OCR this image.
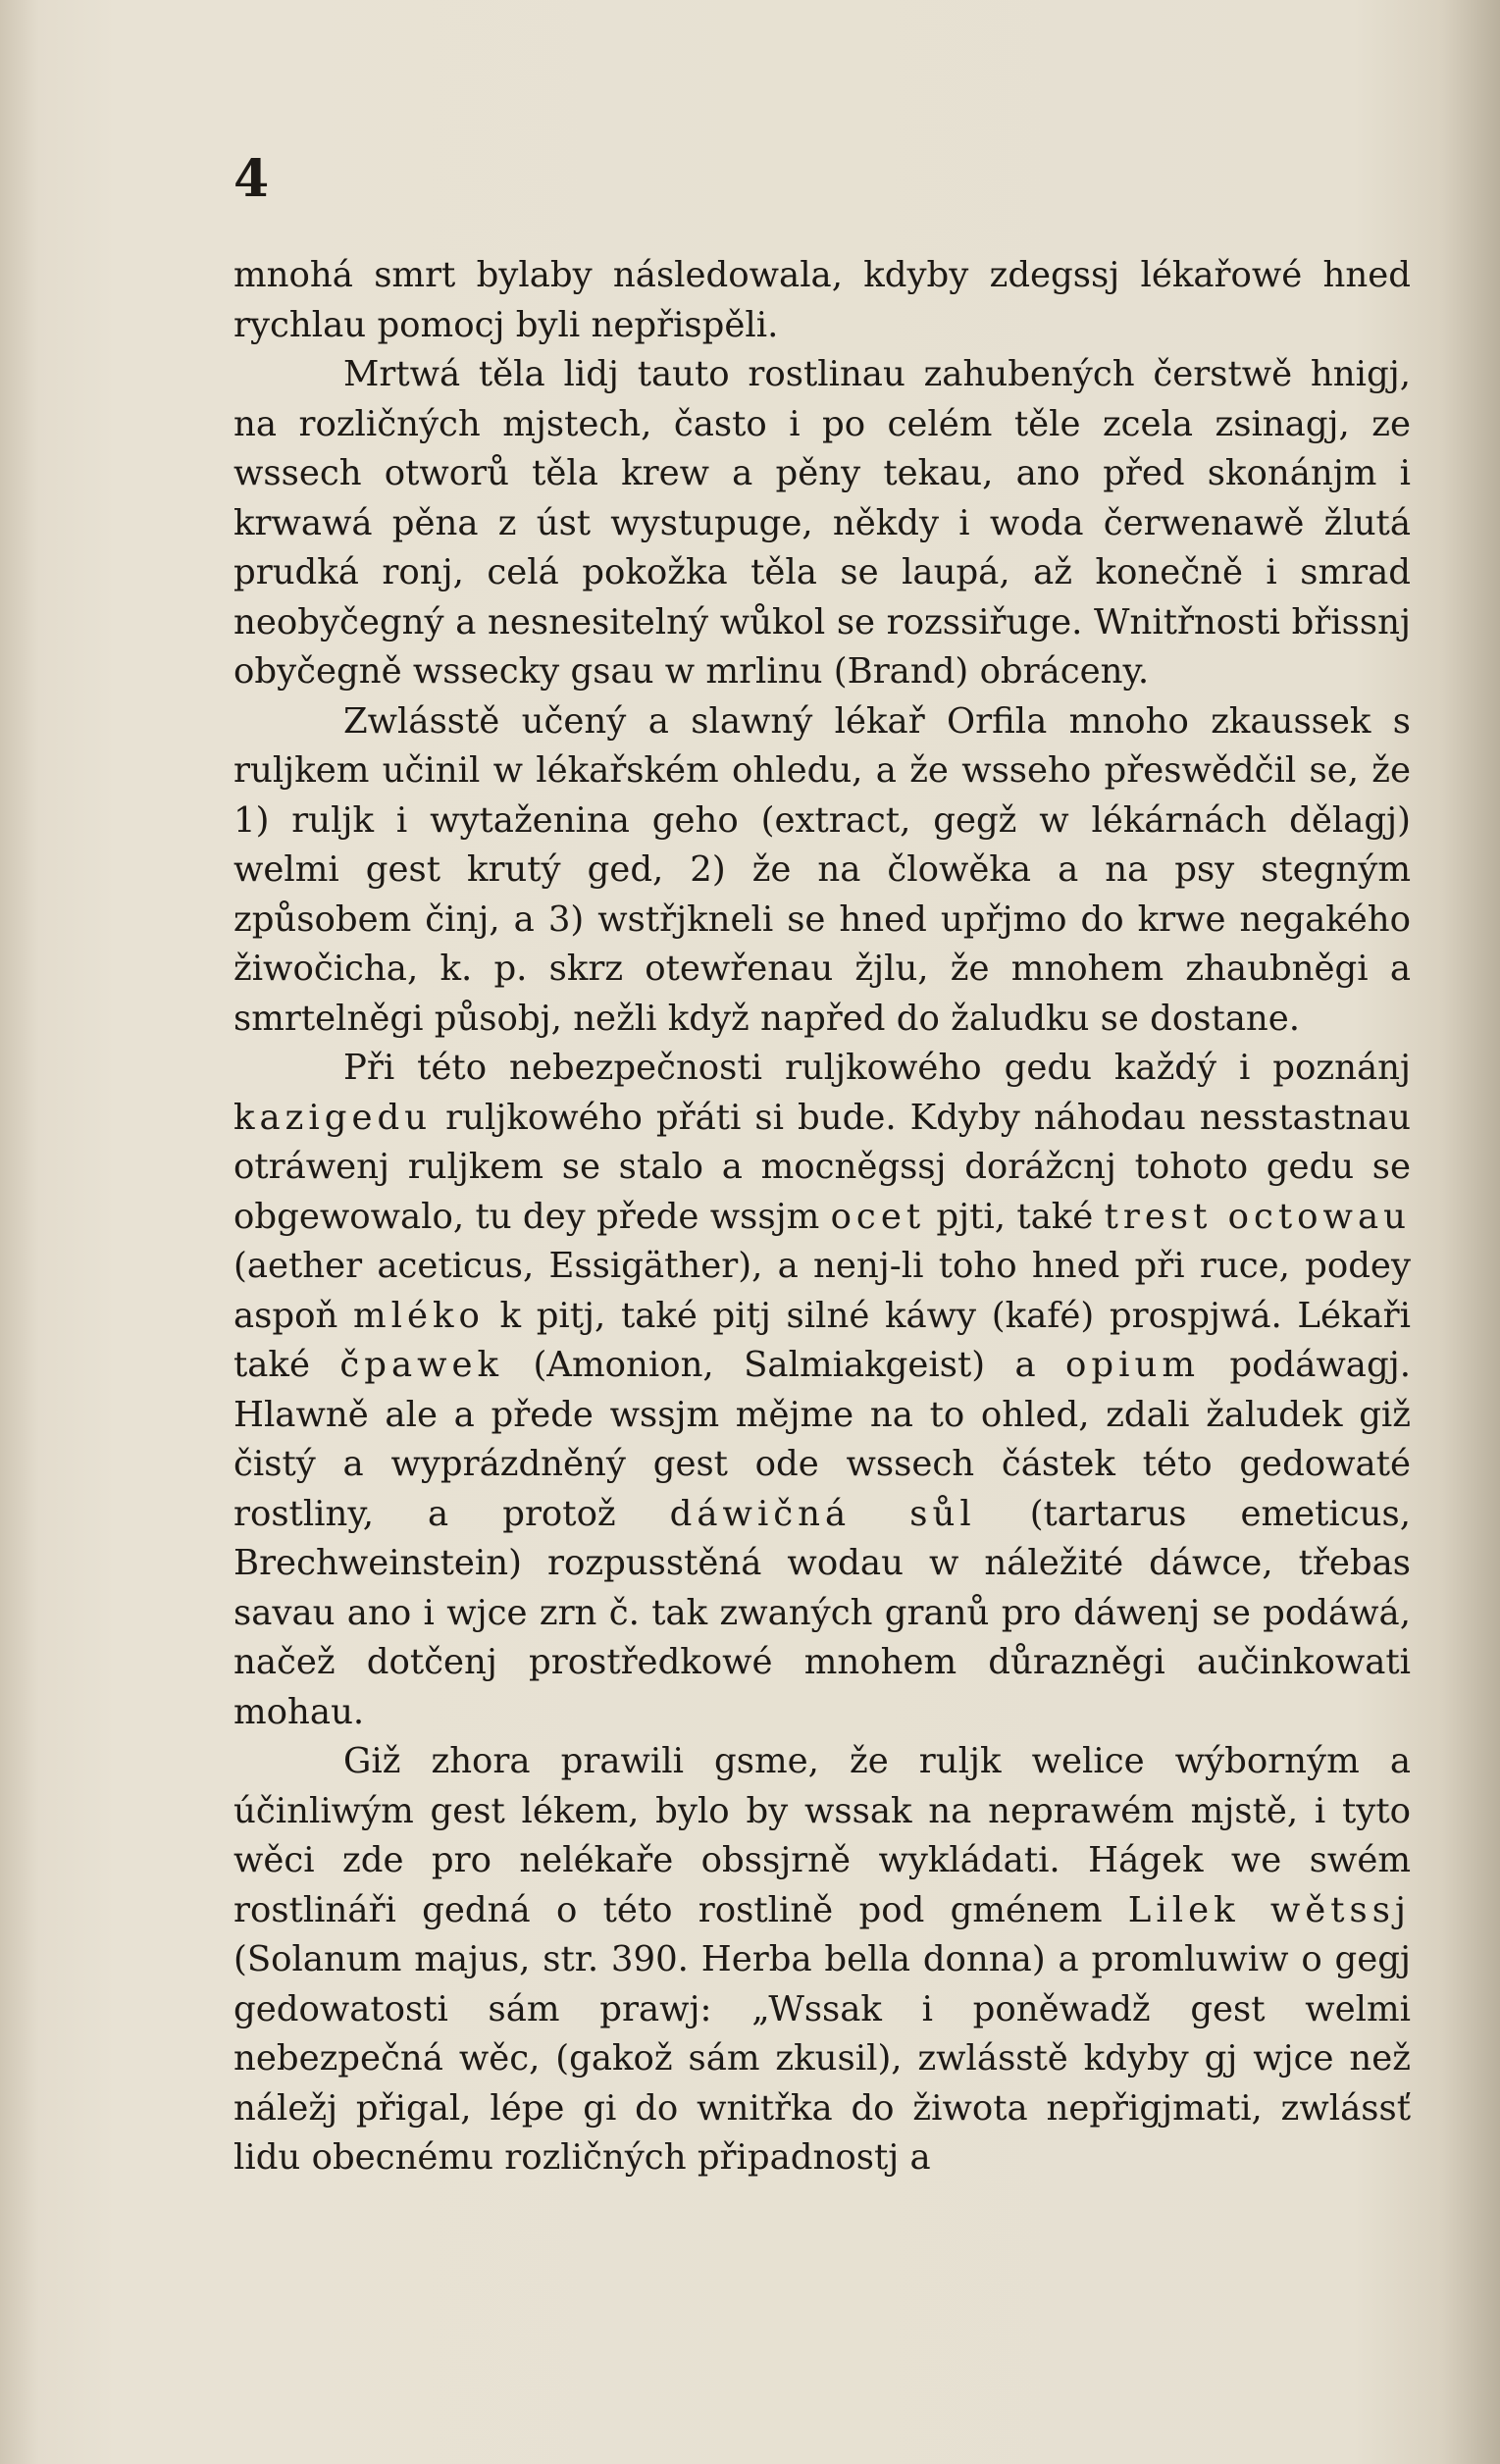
4

mnohá smrt bylaby následowala, kdyby zdegssj lékařowé hned rychlau pomocj byli nepřispěli.

Mrtwá těla lidj tauto rostlinau zahubených čerstwě hnigj, na rozličných mjstech, často i po celém těle zcela zsinagj, ze wssech otworů těla krew a pěny tekau, ano před skonánjm i krwawá pěna z úst wystupuge, někdy i woda čerwenawě žlutá prudká ronj, celá pokožka těla se laupá, až konečně i smrad neobyčegný a nesnesitelný wůkol se rozssiřuge. Wnitřnosti břissnj obyčegně wssecky gsau w mrlinu (Brand) obráceny.

Zwlásstě učený a slawný lékař Orfila mnoho zkaussek s ruljkem učinil w lékařském ohledu, a že wsseho přeswědčil se, že 1) ruljk i wytaženina geho (extract, gegž w lékárnách dělagj) welmi gest krutý ged, 2) že na člowěka a na psy stegným způsobem činj, a 3) wstřjkneli se hned upřjmo do krwe negakého žiwočicha, k. p. skrz otewřenau žjlu, že mnohem zhaubněgi a smrtelněgi působj, nežli když napřed do žaludku se dostane.

Při této nebezpečnosti ruljkowého gedu každý i poznánj kazigedu ruljkowého přáti si bude. Kdyby náhodau nesstastnau otráwenj ruljkem se stalo a mocněgssj dorážcnj tohoto gedu se obgewowalo, tu dey přede wssjm ocet pjti, také trest octowau (aether aceticus, Essigäther), a nenj-li toho hned při ruce, podey aspoň mléko k pitj, také pitj silné káwy (kafé) prospjwá. Lékaři také čpawek (Amonion, Salmiakgeist) a opium podáwagj. Hlawně ale a přede wssjm mějme na to ohled, zdali žaludek giž čistý a wyprázdněný gest ode wssech částek této gedowaté rostliny, a protož dáwičná sůl (tartarus emeticus, Brechweinstein) rozpusstěná wodau w náležité dáwce, třebas savau ano i wjce zrn č. tak zwaných granů pro dáwenj se podáwá, načež dotčenj prostředkowé mnohem důrazněgi aučinkowati mohau.

Giž zhora prawili gsme, že ruljk welice wýborným a účinliwým gest lékem, bylo by wssak na neprawém mjstě, i tyto wěci zde pro nelékaře obssjrně wykládati. Hágek we swém rostlináři gedná o této rostlině pod gménem Lilek wětssj (Solanum majus, str. 390. Herba bella donna) a promluwiw o gegj gedowatosti sám prawj: „Wssak i poněwadž gest welmi nebezpečná wěc, (gakož sám zkusil), zwlásstě kdyby gj wjce než náležj přigal, lépe gi do wnitřka do žiwota nepřigjmati, zwlássť lidu obecnému rozličných připadnostj a
